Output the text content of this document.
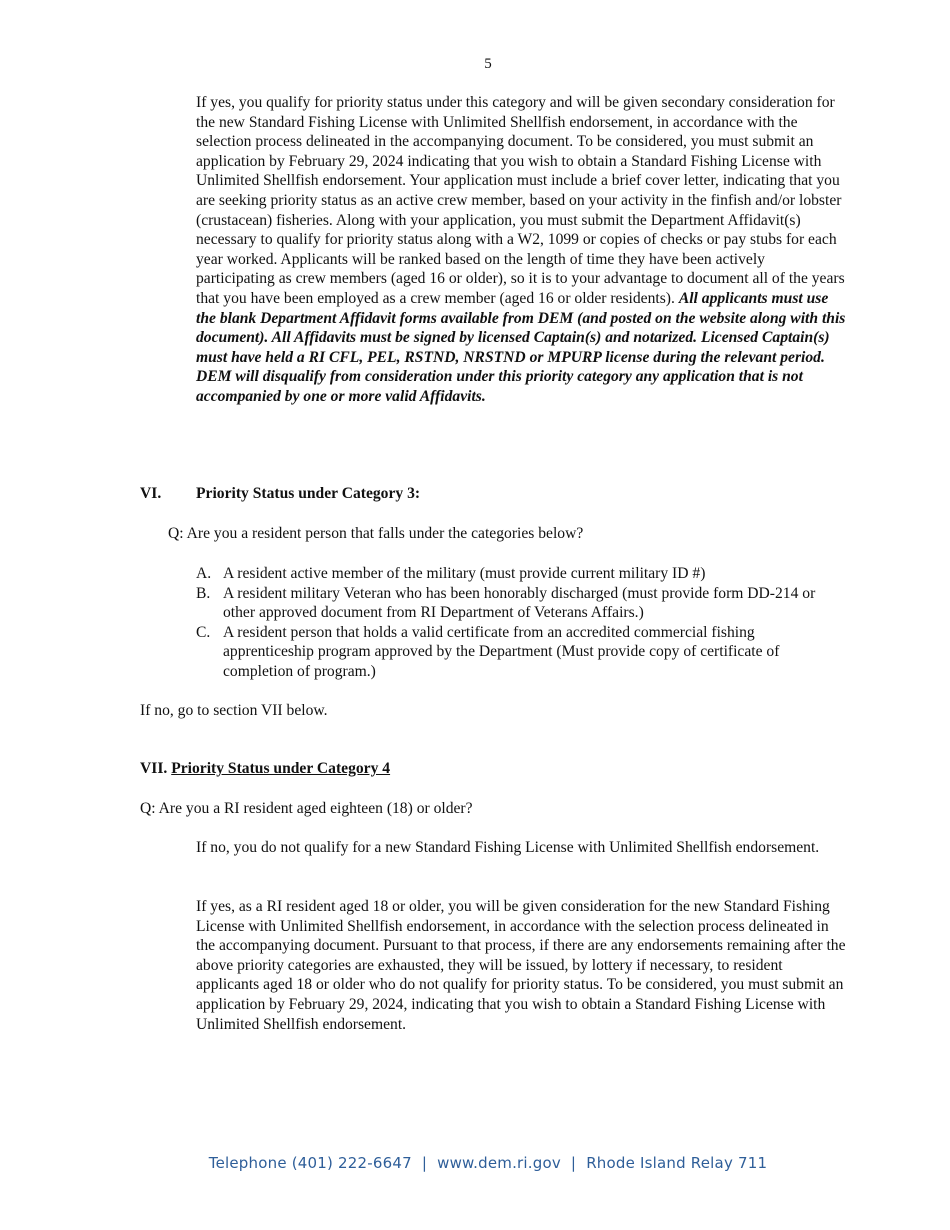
5

If yes, you qualify for priority status under this category and will be given secondary consideration for the new Standard Fishing License with Unlimited Shellfish endorsement, in accordance with the selection process delineated in the accompanying document. To be considered, you must submit an application by February 29, 2024 indicating that you wish to obtain a Standard Fishing License with Unlimited Shellfish endorsement. Your application must include a brief cover letter, indicating that you are seeking priority status as an active crew member, based on your activity in the finfish and/or lobster (crustacean) fisheries. Along with your application, you must submit the Department Affidavit(s) necessary to qualify for priority status along with a W2, 1099 or copies of checks or pay stubs for each year worked. Applicants will be ranked based on the length of time they have been actively participating as crew members (aged 16 or older), so it is to your advantage to document all of the years that you have been employed as a crew member (aged 16 or older residents). All applicants must use the blank Department Affidavit forms available from DEM (and posted on the website along with this document). All Affidavits must be signed by licensed Captain(s) and notarized. Licensed Captain(s) must have held a RI CFL, PEL, RSTND, NRSTND or MPURP license during the relevant period. DEM will disqualify from consideration under this priority category any application that is not accompanied by one or more valid Affidavits.

VI. Priority Status under Category 3:

Q: Are you a resident person that falls under the categories below?

A. A resident active member of the military (must provide current military ID #)
B. A resident military Veteran who has been honorably discharged (must provide form DD-214 or other approved document from RI Department of Veterans Affairs.)
C. A resident person that holds a valid certificate from an accredited commercial fishing apprenticeship program approved by the Department (Must provide copy of certificate of completion of program.)

If no, go to section VII below.

VII. Priority Status under Category 4

Q: Are you a RI resident aged eighteen (18) or older?

If no, you do not qualify for a new Standard Fishing License with Unlimited Shellfish endorsement.

If yes, as a RI resident aged 18 or older, you will be given consideration for the new Standard Fishing License with Unlimited Shellfish endorsement, in accordance with the selection process delineated in the accompanying document. Pursuant to that process, if there are any endorsements remaining after the above priority categories are exhausted, they will be issued, by lottery if necessary, to resident applicants aged 18 or older who do not qualify for priority status. To be considered, you must submit an application by February 29, 2024, indicating that you wish to obtain a Standard Fishing License with Unlimited Shellfish endorsement.

Telephone (401) 222-6647 | www.dem.ri.gov | Rhode Island Relay 711
